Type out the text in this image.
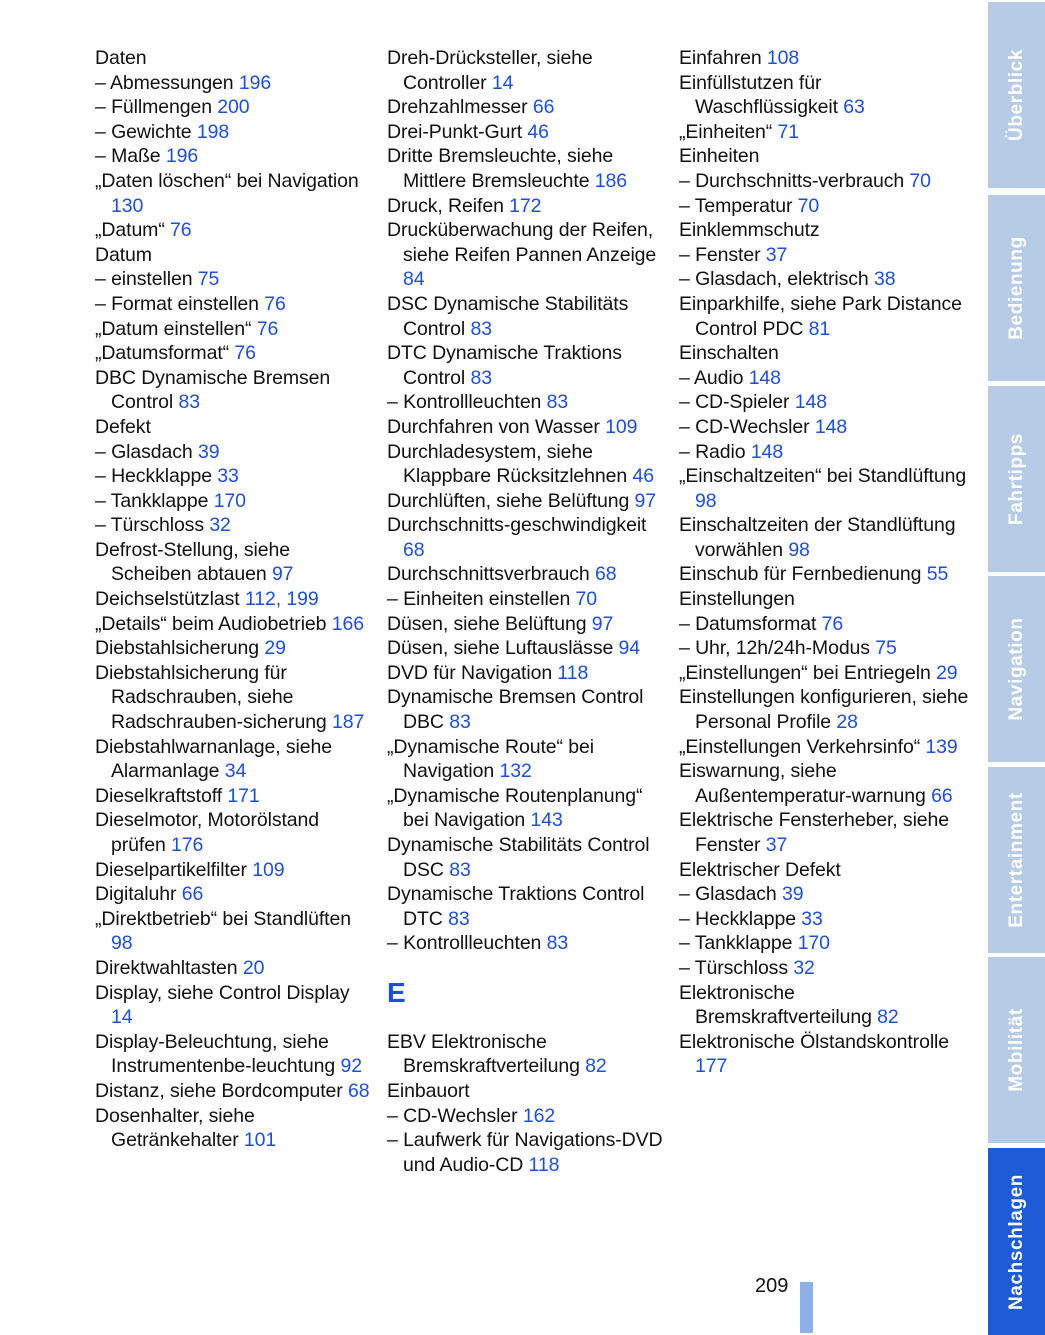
Daten
– Abmessungen 196
– Füllmengen 200
– Gewichte 198
– Maße 196
„Daten löschen“ bei Navigation 130
„Datum“ 76
Datum
– einstellen 75
– Format einstellen 76
„Datum einstellen“ 76
„Datumsformat“ 76
DBC Dynamische Bremsen Control 83
Defekt
– Glasdach 39
– Heckklappe 33
– Tankklappe 170
– Türschloss 32
Defrost-Stellung, siehe Scheiben abtauen 97
Deichselstützlast 112, 199
„Details“ beim Audiobetrieb 166
Diebstahlsicherung 29
Diebstahlsicherung für Radschrauben, siehe Radschrauben-sicherung 187
Diebstahlwarnanlage, siehe Alarmanlage 34
Dieselkraftstoff 171
Dieselmotor, Motorölstand prüfen 176
Dieselpartikelfilter 109
Digitaluhr 66
„Direktbetrieb“ bei Standlüften 98
Direktwahltasten 20
Display, siehe Control Display 14
Display-Beleuchtung, siehe Instrumentenbe-leuchtung 92
Distanz, siehe Bordcomputer 68
Dosenhalter, siehe Getränkehalter 101
Dreh-Drücksteller, siehe Controller 14
Drehzahlmesser 66
Drei-Punkt-Gurt 46
Dritte Bremsleuchte, siehe Mittlere Bremsleuchte 186
Druck, Reifen 172
Drucküberwachung der Reifen, siehe Reifen Pannen Anzeige 84
DSC Dynamische Stabilitäts Control 83
DTC Dynamische Traktions Control 83
– Kontrollleuchten 83
Durchfahren von Wasser 109
Durchladesystem, siehe Klappbare Rücksitzlehnen 46
Durchlüften, siehe Belüftung 97
Durchschnitts-geschwindigkeit 68
Durchschnittsverbrauch 68
– Einheiten einstellen 70
Düsen, siehe Belüftung 97
Düsen, siehe Luftauslässe 94
DVD für Navigation 118
Dynamische Bremsen Control DBC 83
„Dynamische Route“ bei Navigation 132
„Dynamische Routenplanung“ bei Navigation 143
Dynamische Stabilitäts Control DSC 83
Dynamische Traktions Control DTC 83
– Kontrollleuchten 83
E
EBV Elektronische Bremskraftverteilung 82
Einbauort
– CD-Wechsler 162
– Laufwerk für Navigations-DVD und Audio-CD 118
Einfahren 108
Einfüllstutzen für Waschflüssigkeit 63
„Einheiten“ 71
Einheiten
– Durchschnitts-verbrauch 70
– Temperatur 70
Einklemmschutz
– Fenster 37
– Glasdach, elektrisch 38
Einparkhilfe, siehe Park Distance Control PDC 81
Einschalten
– Audio 148
– CD-Spieler 148
– CD-Wechsler 148
– Radio 148
„Einschaltzeiten“ bei Standlüftung 98
Einschaltzeiten der Standlüftung vorwählen 98
Einschub für Fernbedienung 55
Einstellungen
– Datumsformat 76
– Uhr, 12h/24h-Modus 75
„Einstellungen“ bei Entriegeln 29
Einstellungen konfigurieren, siehe Personal Profile 28
„Einstellungen Verkehrsinfo“ 139
Eiswarnung, siehe Außentemperatur-warnung 66
Elektrische Fensterheber, siehe Fenster 37
Elektrischer Defekt
– Glasdach 39
– Heckklappe 33
– Tankklappe 170
– Türschloss 32
Elektronische Bremskraftverteilung 82
Elektronische Ölstandskontrolle 177
Überblick
Bedienung
Fahrtipps
Navigation
Entertainment
Mobilität
Nachschlagen
209
